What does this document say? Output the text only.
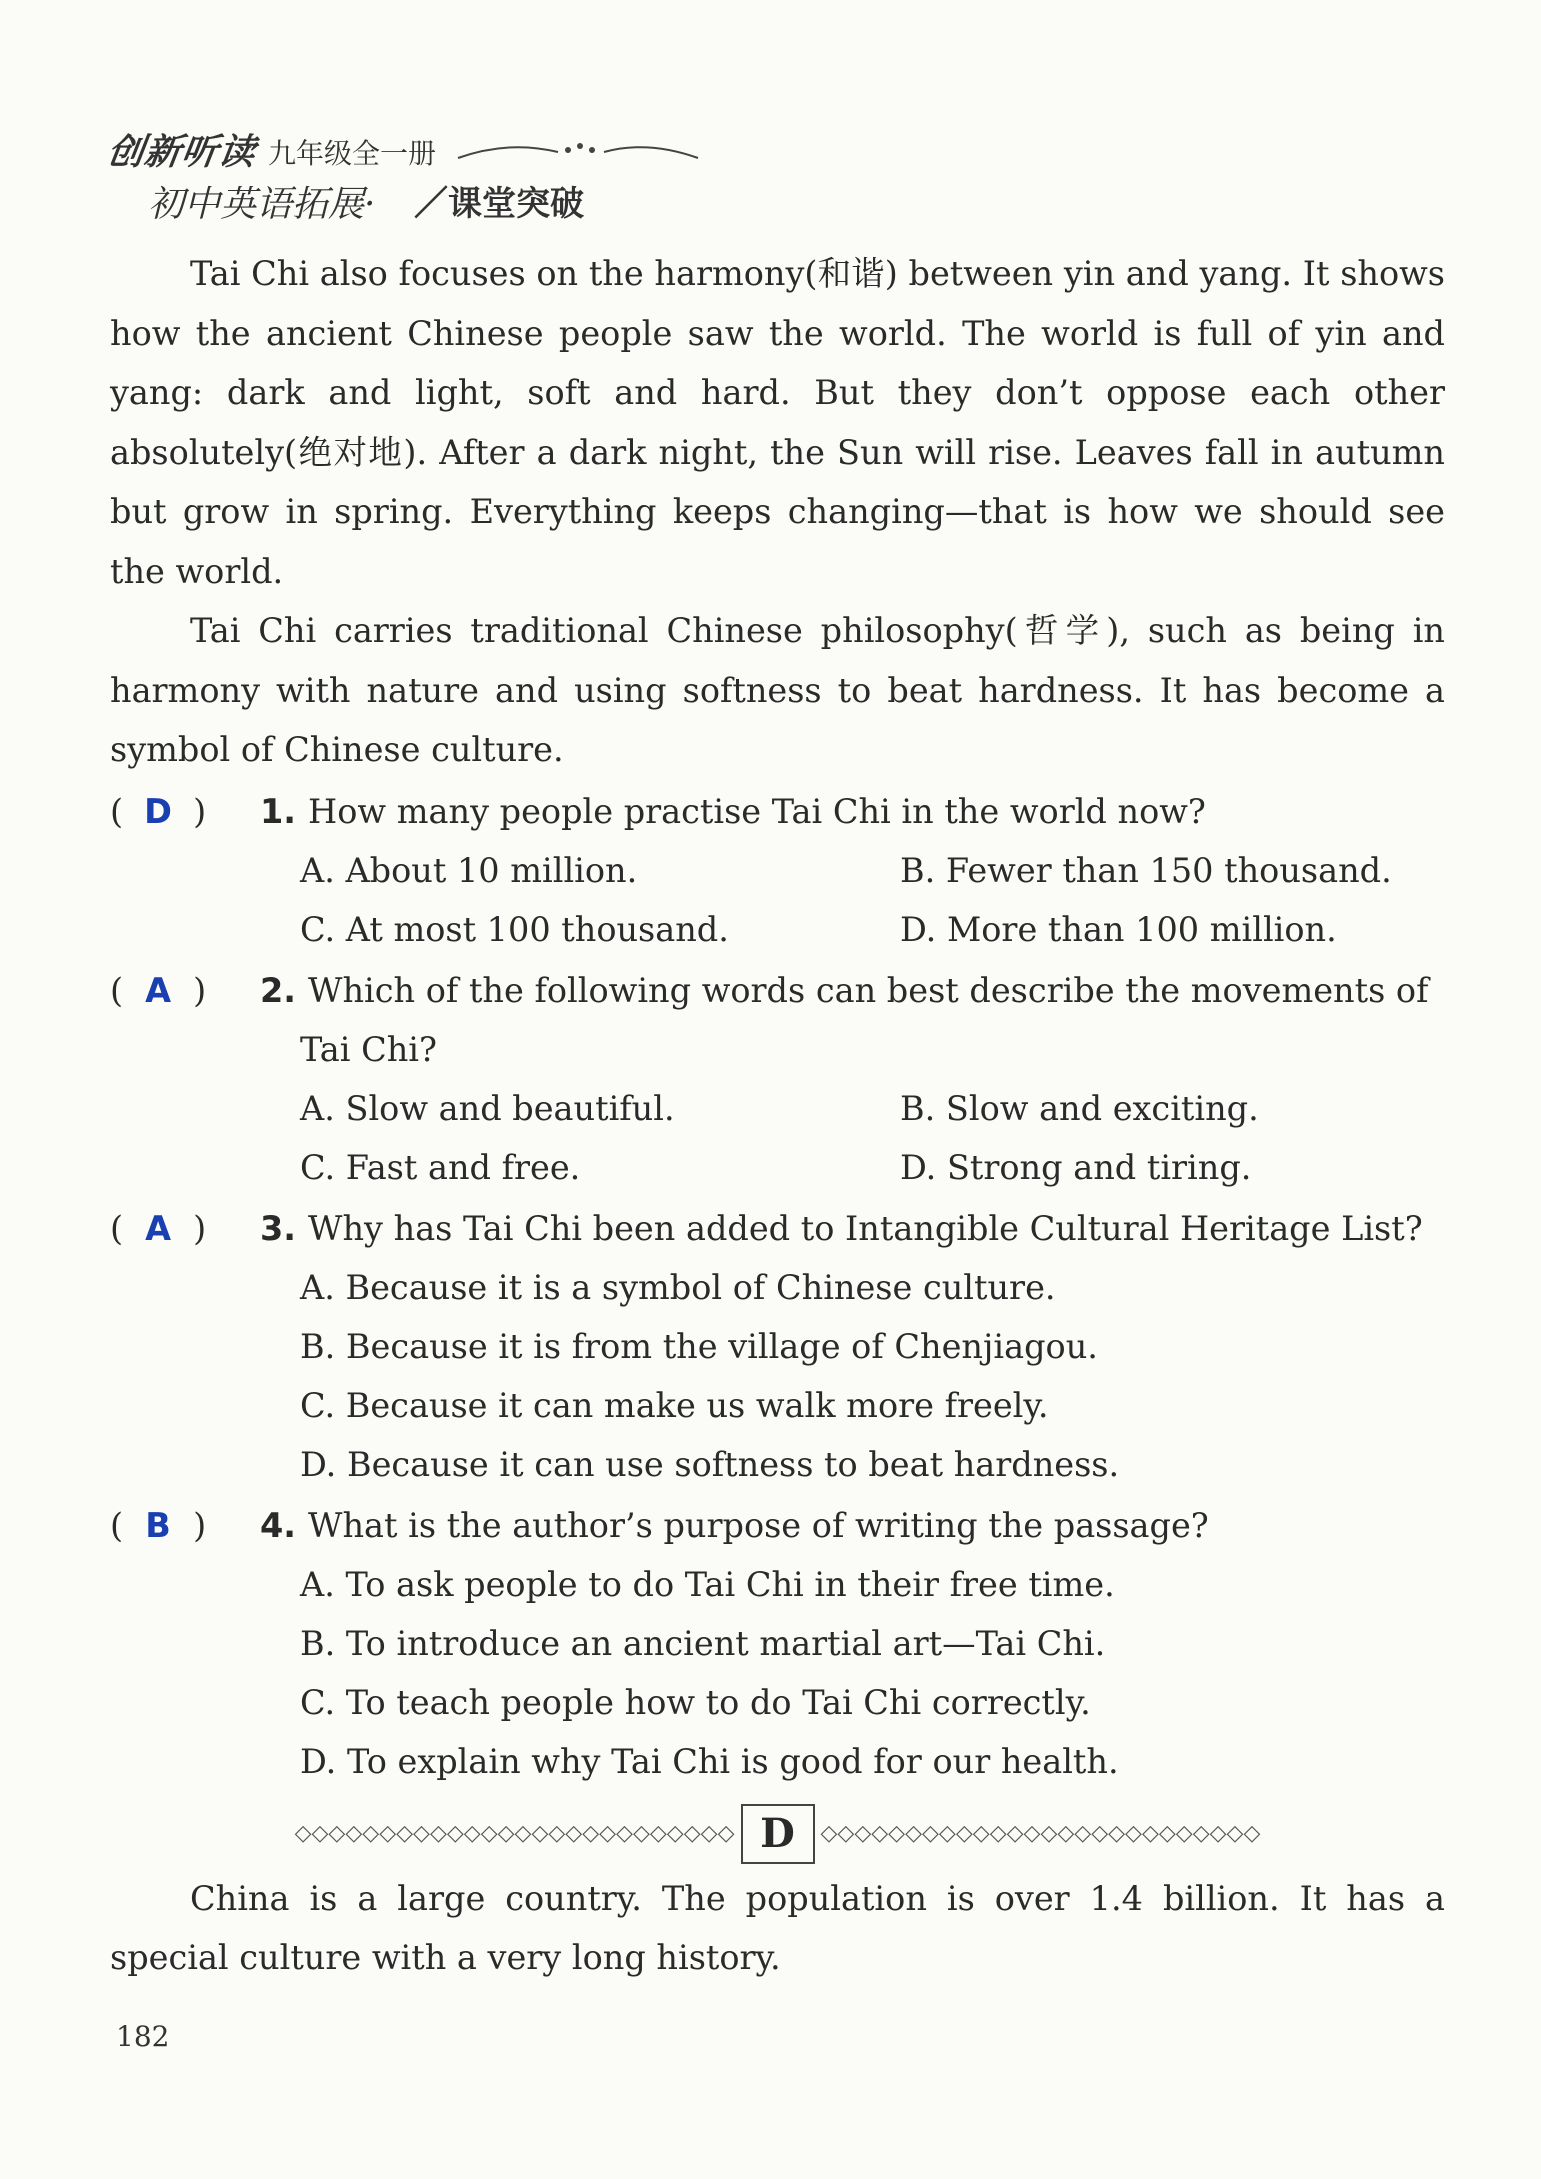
创新听读 九年级全一册
初中英语拓展· ／课堂突破

Tai Chi also focuses on the harmony(和谐) between yin and yang. It shows how the ancient Chinese people saw the world. The world is full of yin and yang: dark and light, soft and hard. But they don’t oppose each other absolutely(绝对地). After a dark night, the Sun will rise. Leaves fall in autumn but grow in spring. Everything keeps changing—that is how we should see the world.

Tai Chi carries traditional Chinese philosophy(哲学), such as being in harmony with nature and using softness to beat hardness. It has become a symbol of Chinese culture.

( D ) 1. How many people practise Tai Chi in the world now?
A. About 10 million.	B. Fewer than 150 thousand.
C. At most 100 thousand.	D. More than 100 million.
( A ) 2. Which of the following words can best describe the movements of
Tai Chi?
A. Slow and beautiful.	B. Slow and exciting.
C. Fast and free.	D. Strong and tiring.
( A ) 3. Why has Tai Chi been added to Intangible Cultural Heritage List?
A. Because it is a symbol of Chinese culture.
B. Because it is from the village of Chenjiagou.
C. Because it can make us walk more freely.
D. Because it can use softness to beat hardness.
( B ) 4. What is the author’s purpose of writing the passage?
A. To ask people to do Tai Chi in their free time.
B. To introduce an ancient martial art—Tai Chi.
C. To teach people how to do Tai Chi correctly.
D. To explain why Tai Chi is good for our health.
◇◇◇◇◇◇◇◇◇◇◇◇◇◇◇◇◇◇◇◇◇◇◇◇◇◇ D	◇◇◇◇◇◇◇◇◇◇◇◇◇◇◇◇◇◇◇◇◇◇◇◇◇◇

China is a large country. The population is over 1.4 billion. It has a special culture with a very long history.

182
